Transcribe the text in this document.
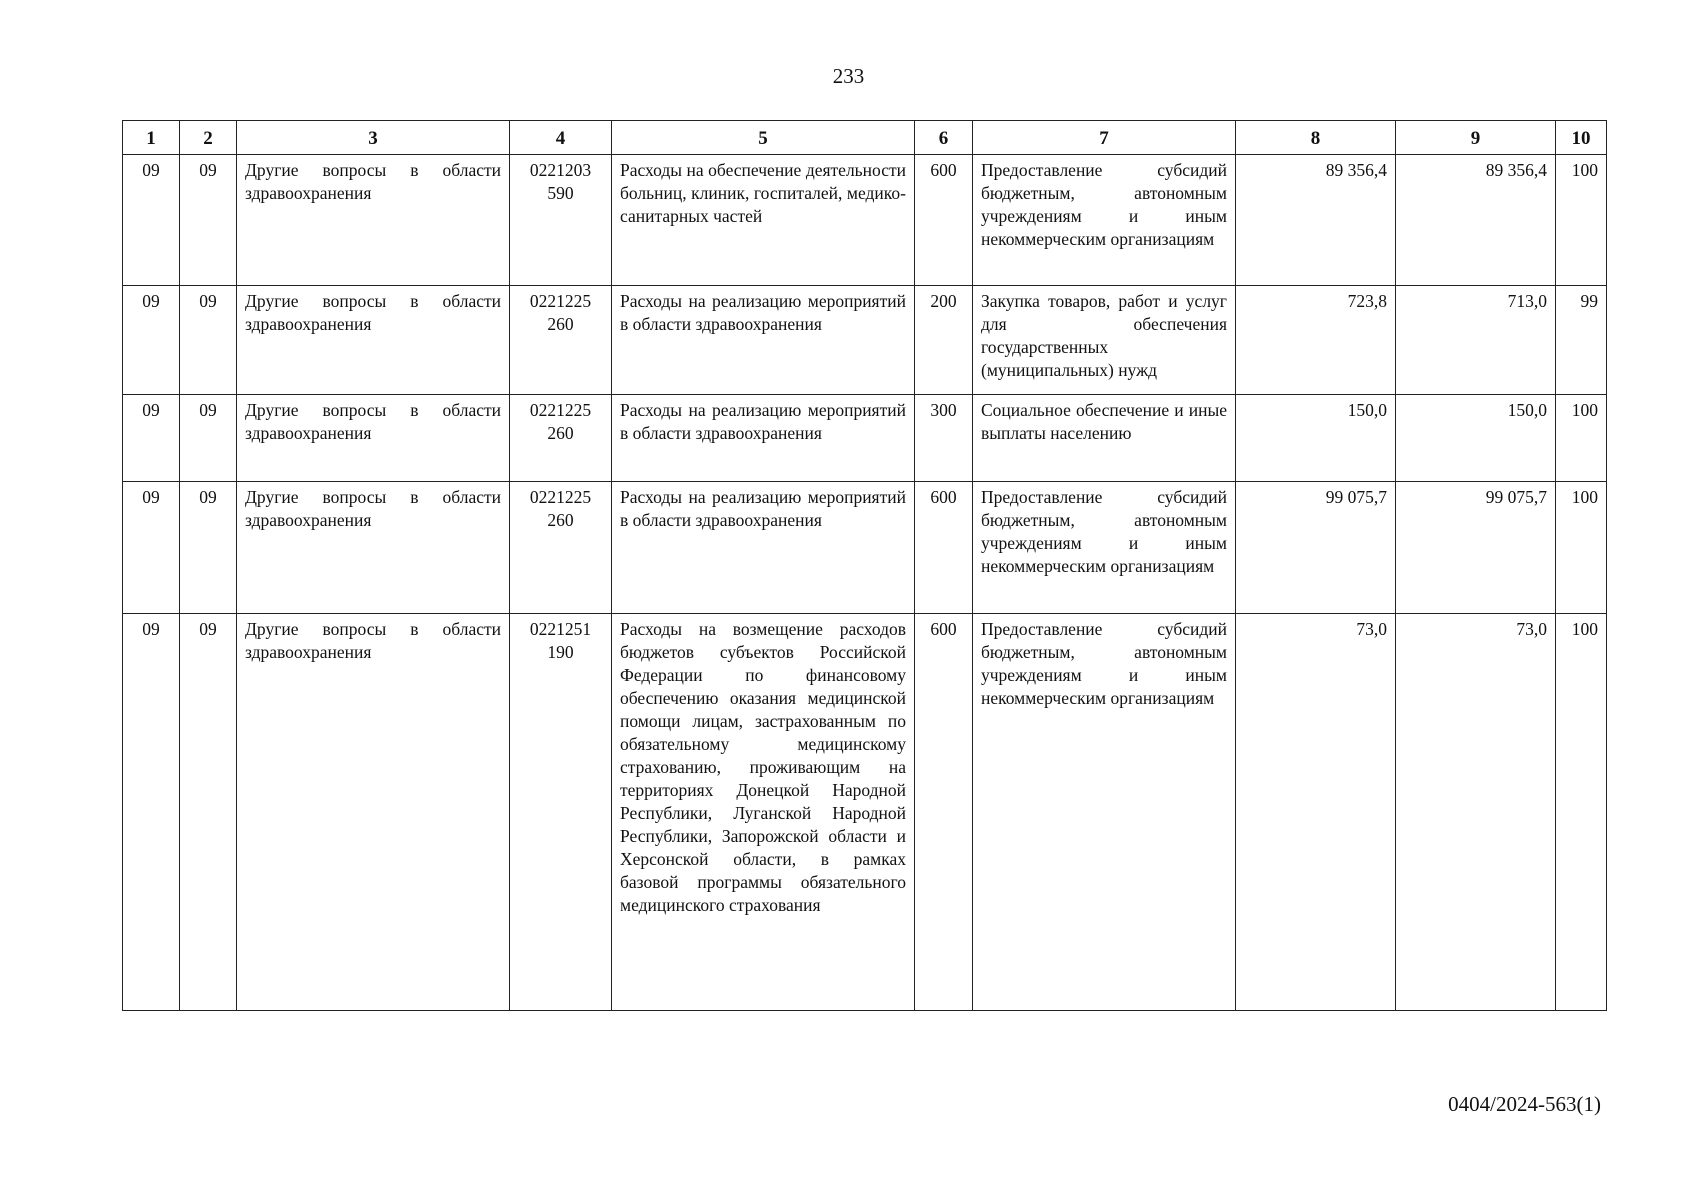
233
1	2	3	4	5	6	7	8	9	10
09	09	Другие вопросы в области здравоохранения	0221203 590	Расходы на обеспечение деятельности больниц, клиник, госпиталей, медико-санитарных частей	600	Предоставление субсидий бюджетным, автономным учреждениям и иным некоммерческим организациям	89 356,4	89 356,4	100
09	09	Другие вопросы в области здравоохранения	0221225 260	Расходы на реализацию мероприятий в области здравоохранения	200	Закупка товаров, работ и услуг для обеспечения государственных (муниципальных) нужд	723,8	713,0	99
09	09	Другие вопросы в области здравоохранения	0221225 260	Расходы на реализацию мероприятий в области здравоохранения	300	Социальное обеспечение и иные выплаты населению	150,0	150,0	100
09	09	Другие вопросы в области здравоохранения	0221225 260	Расходы на реализацию мероприятий в области здравоохранения	600	Предоставление субсидий бюджетным, автономным учреждениям и иным некоммерческим организациям	99 075,7	99 075,7	100
09	09	Другие вопросы в области здравоохранения	0221251 190	Расходы на возмещение расходов бюджетов субъектов Российской Федерации по финансовому обеспечению оказания медицинской помощи лицам, застрахованным по обязательному медицинскому страхованию, проживающим на территориях Донецкой Народной Республики, Луганской Народной Республики, Запорожской области и Херсонской области, в рамках базовой программы обязательного медицинского страхования	600	Предоставление субсидий бюджетным, автономным учреждениям и иным некоммерческим организациям	73,0	73,0	100
0404/2024-563(1)
